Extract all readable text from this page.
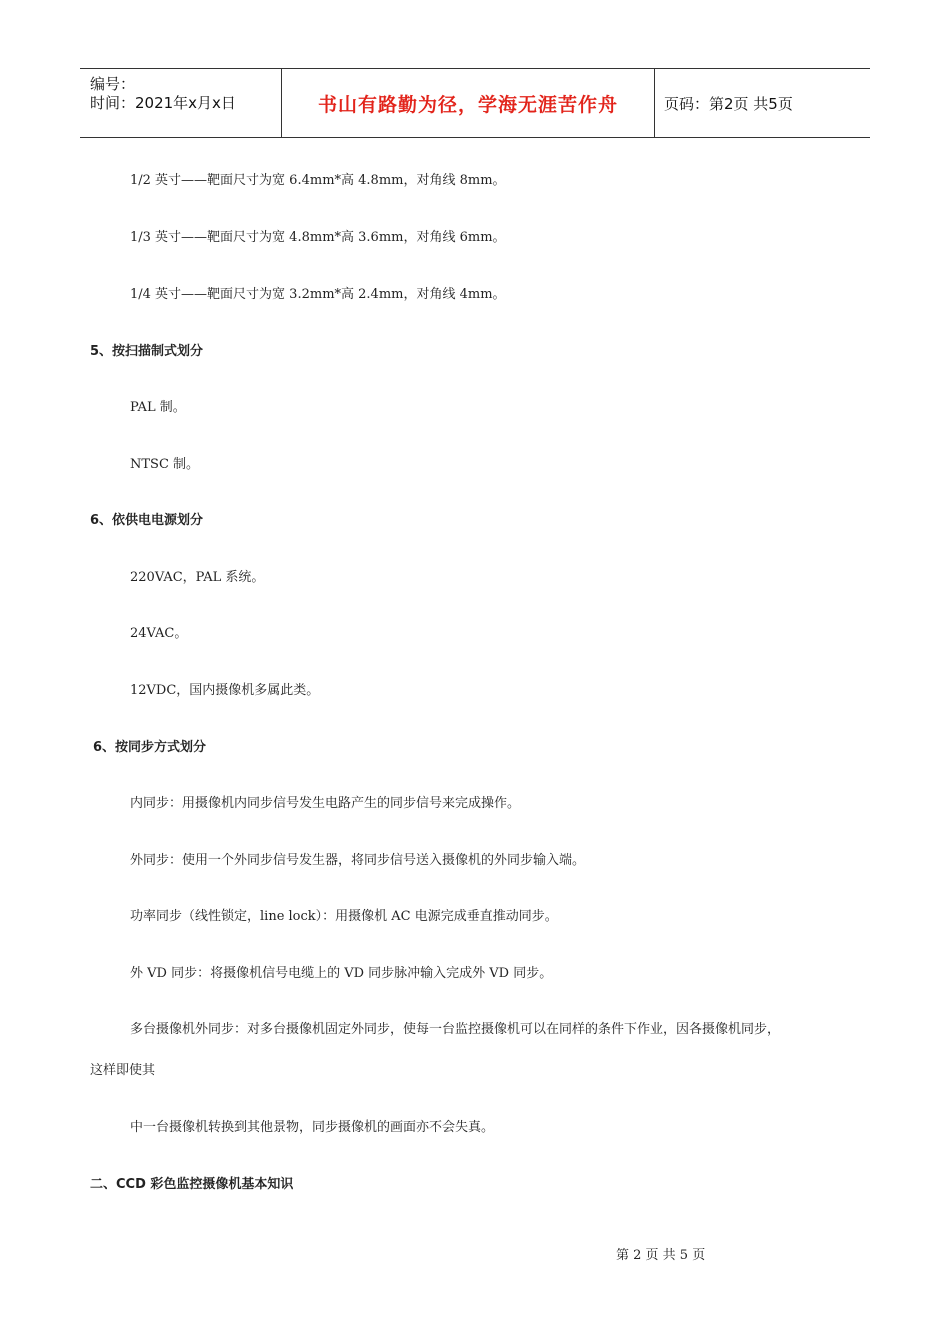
编号：
时间：2021年x月x日	书山有路勤为径，学海无涯苦作舟	页码：第2页 共5页
1/2 英寸——靶面尺寸为宽 6.4mm*高 4.8mm，对角线 8mm。
1/3 英寸——靶面尺寸为宽 4.8mm*高 3.6mm，对角线 6mm。
1/4 英寸——靶面尺寸为宽 3.2mm*高 2.4mm，对角线 4mm。
5、按扫描制式划分
PAL 制。
NTSC 制。
6、依供电电源划分
220VAC，PAL 系统。
24VAC。
12VDC，国内摄像机多属此类。
6、按同步方式划分
内同步：用摄像机内同步信号发生电路产生的同步信号来完成操作。
外同步：使用一个外同步信号发生器，将同步信号送入摄像机的外同步输入端。
功率同步（线性锁定，line lock）：用摄像机 AC 电源完成垂直推动同步。
外 VD 同步：将摄像机信号电缆上的 VD 同步脉冲输入完成外 VD 同步。
多台摄像机外同步：对多台摄像机固定外同步，使每一台监控摄像机可以在同样的条件下作业，因各摄像机同步，
这样即使其
中一台摄像机转换到其他景物，同步摄像机的画面亦不会失真。
二、CCD 彩色监控摄像机基本知识
第 2 页 共 5 页
